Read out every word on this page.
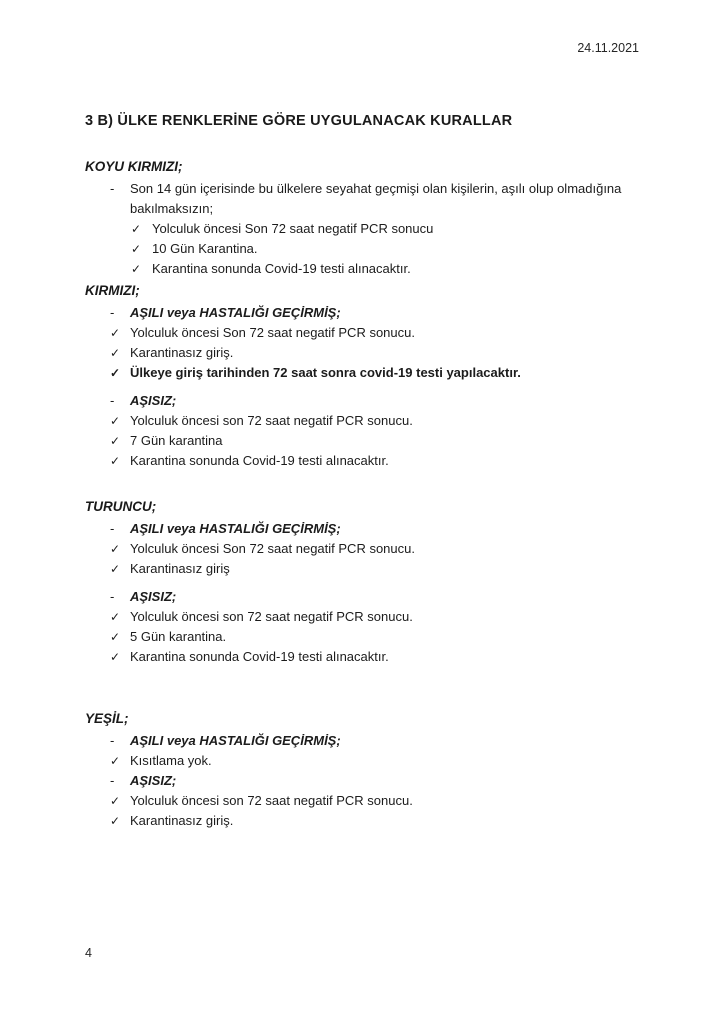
24.11.2021
3 B) ÜLKE RENKLERİNE GÖRE UYGULANACAK KURALLAR
KOYU KIRMIZI;
- Son 14 gün içerisinde bu ülkelere seyahat geçmişi olan kişilerin, aşılı olup olmadığına bakılmaksızın;
✓ Yolculuk öncesi Son 72 saat negatif PCR sonucu
✓ 10 Gün Karantina.
✓ Karantina sonunda Covid-19 testi alınacaktır.
KIRMIZI;
- AŞILI veya HASTALIĞI GEÇİRMİŞ;
✓ Yolculuk öncesi Son 72 saat negatif PCR sonucu.
✓ Karantinasız giriş.
✓ Ülkeye giriş tarihinden 72 saat sonra covid-19 testi yapılacaktır.
- AŞISIZ;
✓ Yolculuk öncesi son 72 saat negatif PCR sonucu.
✓ 7 Gün karantina
✓ Karantina sonunda Covid-19 testi alınacaktır.
TURUNCU;
- AŞILI veya HASTALIĞI GEÇİRMİŞ;
✓ Yolculuk öncesi Son 72 saat negatif PCR sonucu.
✓ Karantinasız giriş
- AŞISIZ;
✓ Yolculuk öncesi son 72 saat negatif PCR sonucu.
✓ 5 Gün karantina.
✓ Karantina sonunda Covid-19 testi alınacaktır.
YEŞİL;
- AŞILI veya HASTALIĞI GEÇİRMİŞ;
✓ Kısıtlama yok.
- AŞISIZ;
✓ Yolculuk öncesi son 72 saat negatif PCR sonucu.
✓ Karantinasız giriş.
4
